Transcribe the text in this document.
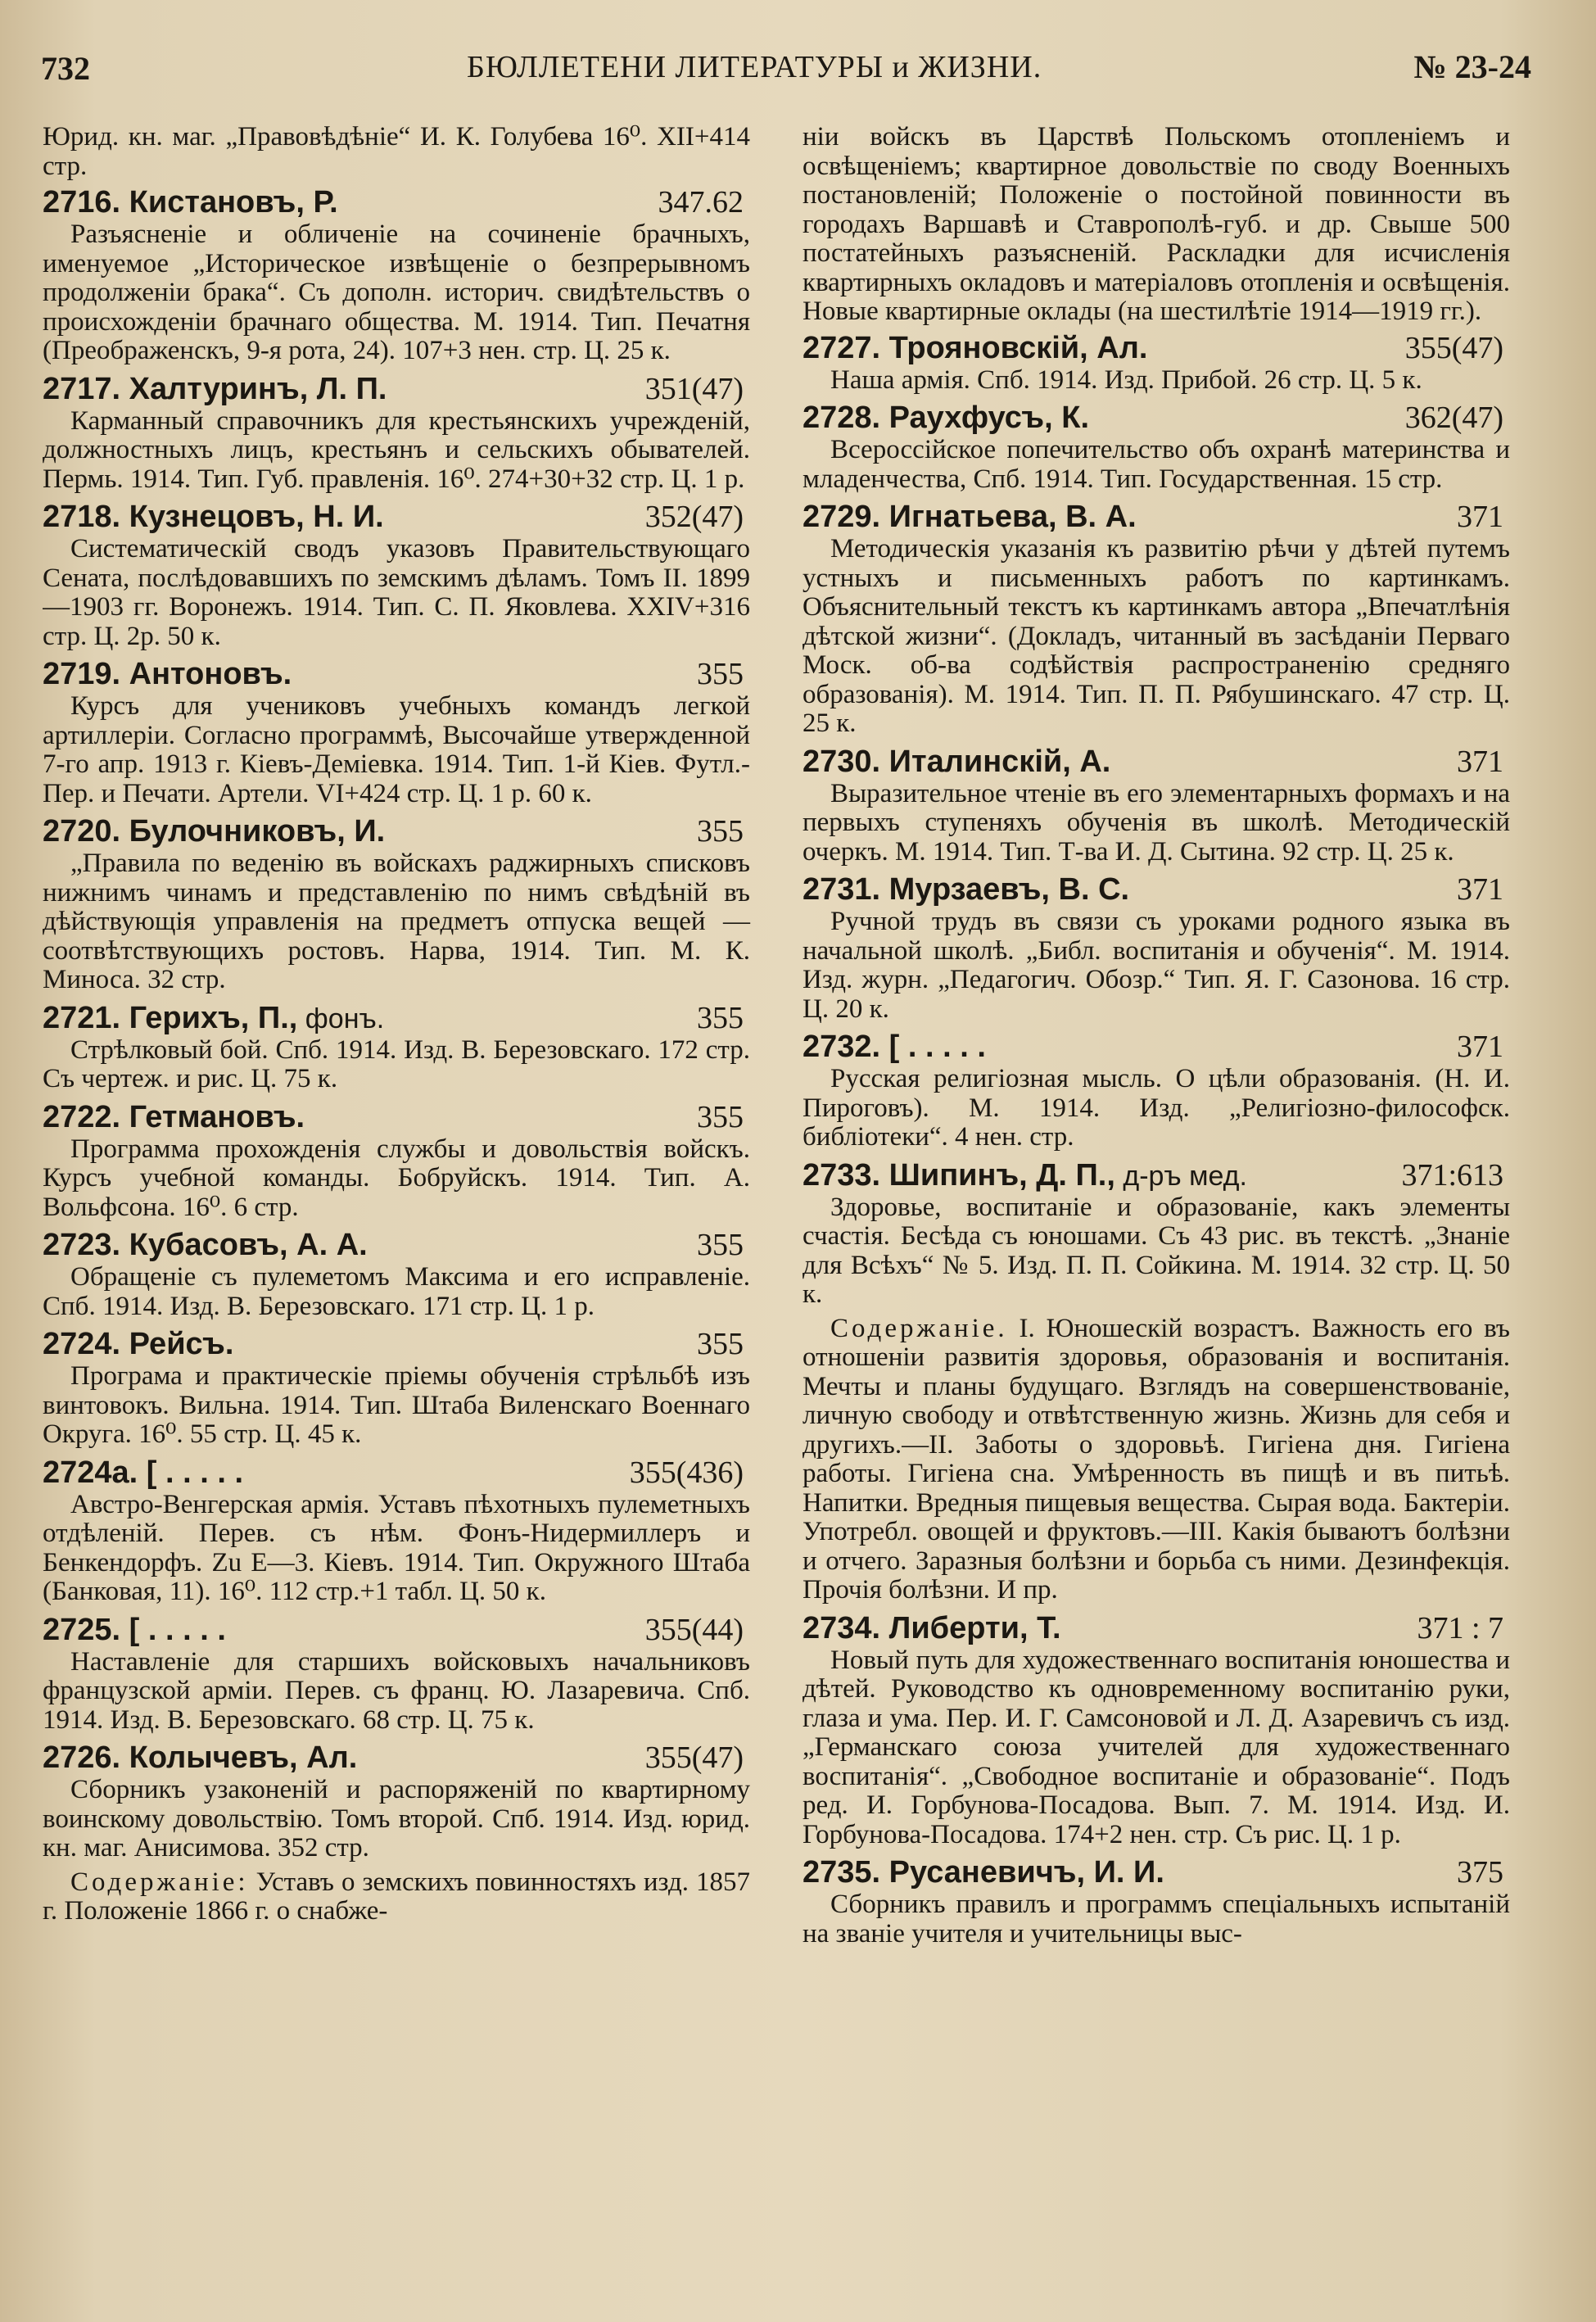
732	БЮЛЛЕТЕНИ ЛИТЕРАТУРЫ и ЖИЗНИ.	№ 23-24

Юрид. кн. маг. „Правовѣдѣніе“ И. К. Голубева 16⁰. XII+414 стр.

2716. Кистановъ, Р.	347.62

Разъясненіе и обличеніе на сочиненіе брачныхъ, именуемое „Историческое извѣщеніе о безпрерывномъ продолженіи брака“. Съ дополн. историч. свидѣтельствъ о происхожденіи брачнаго общества. М. 1914. Тип. Печатня (Преображенскъ, 9-я рота, 24). 107+3 нен. стр. Ц. 25 к.

2717. Халтуринъ, Л. П.	351(47)

Карманный справочникъ для крестьянскихъ учрежденій, должностныхъ лицъ, крестьянъ и сельскихъ обывателей. Пермь. 1914. Тип. Губ. правленія. 16⁰. 274+30+32 стр. Ц. 1 р.

2718. Кузнецовъ, Н. И.	352(47)

Систематическій сводъ указовъ Правительствующаго Сената, послѣдовавшихъ по земскимъ дѣламъ. Томъ II. 1899—1903 гг. Воронежъ. 1914. Тип. С. П. Яковлева. XXIV+316 стр. Ц. 2р. 50 к.

2719. Антоновъ.	355

Курсъ для учениковъ учебныхъ командъ легкой артиллеріи. Согласно программѣ, Высочайше утвержденной 7-го апр. 1913 г. Кіевъ-Деміевка. 1914. Тип. 1-й Кіев. Футл.-Пер. и Печати. Артели. VI+424 стр. Ц. 1 р. 60 к.

2720. Булочниковъ, И.	355

„Правила по веденію въ войскахъ раджирныхъ списковъ нижнимъ чинамъ и представленію по нимъ свѣдѣній въ дѣйствующія управленія на предметъ отпуска вещей — соотвѣтствующихъ ростовъ. Нарва, 1914. Тип. М. К. Миноса. 32 стр.

2721. Герихъ, П., фонъ.	355

Стрѣлковый бой. Спб. 1914. Изд. В. Березовскаго. 172 стр. Съ чертеж. и рис. Ц. 75 к.

2722. Гетмановъ.	355

Программа прохожденія службы и довольствія войскъ. Курсъ учебной команды. Бобруйскъ. 1914. Тип. А. Вольфсона. 16⁰. 6 стр.

2723. Кубасовъ, А. А.	355

Обращеніе съ пулеметомъ Максима и его исправленіе. Спб. 1914. Изд. В. Березовскаго. 171 стр. Ц. 1 р.

2724. Рейсъ.	355

Програма и практическіе пріемы обученія стрѣльбѣ изъ винтовокъ. Вильна. 1914. Тип. Штаба Виленскаго Военнаго Округа. 16⁰. 55 стр. Ц. 45 к.

2724а. [ . . . . .	355(436)

Австро-Венгерская армія. Уставъ пѣхотныхъ пулеметныхъ отдѣленій. Перев. съ нѣм. Фонъ-Нидермиллеръ и Бенкендорфъ. Zu E—3. Кіевъ. 1914. Тип. Окружного Штаба (Банковая, 11). 16⁰. 112 стр.+1 табл. Ц. 50 к.

2725. [ . . . . .	355(44)

Наставленіе для старшихъ войсковыхъ начальниковъ французской арміи. Перев. съ франц. Ю. Лазаревича. Спб. 1914. Изд. В. Березовскаго. 68 стр. Ц. 75 к.

2726. Колычевъ, Ал.	355(47)

Сборникъ узаконеній и распоряженій по квартирному воинскому довольствію. Томъ второй. Спб. 1914. Изд. юрид. кн. маг. Анисимова. 352 стр.

Содержаніе: Уставъ о земскихъ повинностяхъ изд. 1857 г. Положеніе 1866 г. о снабже-

ніи войскъ въ Царствѣ Польскомъ отопленіемъ и освѣщеніемъ; квартирное довольствіе по своду Военныхъ постановленій; Положеніе о постойной повинности въ городахъ Варшавѣ и Ставрополѣ-губ. и др. Свыше 500 постатейныхъ разъясненій. Раскладки для исчисленія квартирныхъ окладовъ и матеріаловъ отопленія и освѣщенія. Новые квартирные оклады (на шестилѣтіе 1914—1919 гг.).

2727. Трояновскій, Ал.	355(47)

Наша армія. Спб. 1914. Изд. Прибой. 26 стр. Ц. 5 к.

2728. Раухфусъ, К.	362(47)

Всероссійское попечительство объ охранѣ материнства и младенчества, Спб. 1914. Тип. Государственная. 15 стр.

2729. Игнатьева, В. А.	371

Методическія указанія къ развитію рѣчи у дѣтей путемъ устныхъ и письменныхъ работъ по картинкамъ. Объяснительный текстъ къ картинкамъ автора „Впечатлѣнія дѣтской жизни“. (Докладъ, читанный въ засѣданіи Перваго Моск. об-ва содѣйствія распространенію средняго образованія). М. 1914. Тип. П. П. Рябушинскаго. 47 стр. Ц. 25 к.

2730. Италинскій, А.	371

Выразительное чтеніе въ его элементарныхъ формахъ и на первыхъ ступеняхъ обученія въ школѣ. Методическій очеркъ. М. 1914. Тип. Т-ва И. Д. Сытина. 92 стр. Ц. 25 к.

2731. Мурзаевъ, В. С.	371

Ручной трудъ въ связи съ уроками родного языка въ начальной школѣ. „Библ. воспитанія и обученія“. М. 1914. Изд. журн. „Педагогич. Обозр.“ Тип. Я. Г. Сазонова. 16 стр. Ц. 20 к.

2732. [ . . . . .	371

Русская религіозная мысль. О цѣли образованія. (Н. И. Пироговъ). М. 1914. Изд. „Религіозно-философск. библіотеки“. 4 нен. стр.

2733. Шипинъ, Д. П., д-ръ мед.	371:613

Здоровье, воспитаніе и образованіе, какъ элементы счастія. Бесѣда съ юношами. Съ 43 рис. въ текстѣ. „Знаніе для Всѣхъ“ № 5. Изд. П. П. Сойкина. М. 1914. 32 стр. Ц. 50 к.

Содержаніе. I. Юношескій возрастъ. Важность его въ отношеніи развитія здоровья, образованія и воспитанія. Мечты и планы будущаго. Взглядъ на совершенствованіе, личную свободу и отвѣтственную жизнь. Жизнь для себя и другихъ.—II. Заботы о здоровьѣ. Гигіена дня. Гигіена работы. Гигіена сна. Умѣренность въ пищѣ и въ питьѣ. Напитки. Вредныя пищевыя вещества. Сырая вода. Бактеріи. Употребл. овощей и фруктовъ.—III. Какія бываютъ болѣзни и отчего. Заразныя болѣзни и борьба съ ними. Дезинфекція. Прочія болѣзни. И пр.

2734. Либерти, Т.	371 : 7

Новый путь для художественнаго воспитанія юношества и дѣтей. Руководство къ одновременному воспитанію руки, глаза и ума. Пер. И. Г. Самсоновой и Л. Д. Азаревичъ съ изд. „Германскаго союза учителей для художественнаго воспитанія“. „Свободное воспитаніе и образованіе“. Подъ ред. И. Горбунова-Посадова. Вып. 7. М. 1914. Изд. И. Горбунова-Посадова. 174+2 нен. стр. Съ рис. Ц. 1 р.

2735. Русаневичъ, И. И.	375

Сборникъ правилъ и программъ спеціальныхъ испытаній на званіе учителя и учительницы выс-
